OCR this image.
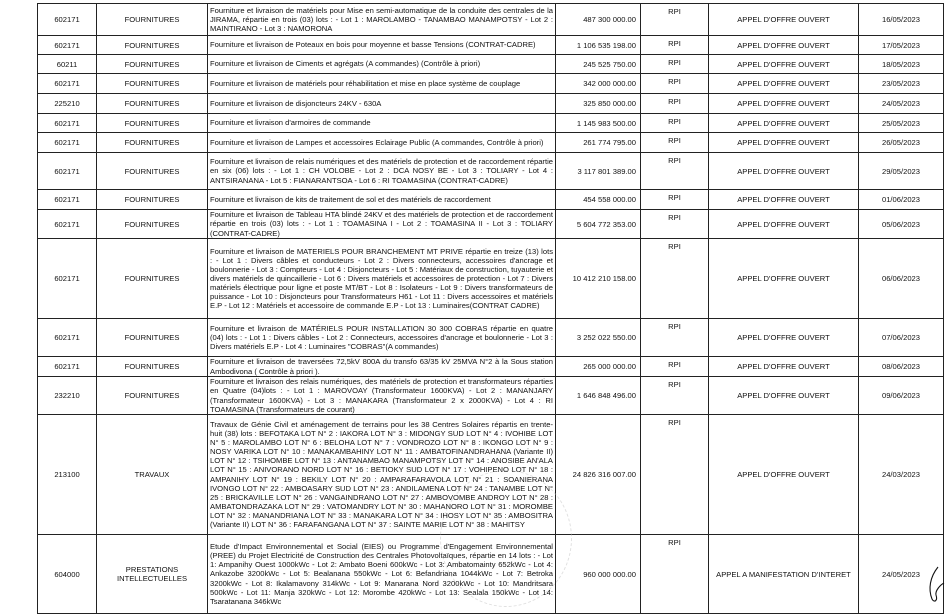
602171	FOURNITURES	Fourniture et livraison de matériels pour Mise en semi-automatique de la conduite des centrales de la JIRAMA, répartie en trois (03) lots : - Lot 1 : MAROLAMBO - TANAMBAO MANAMPOTSY - Lot 2 : MAINTIRANO - Lot 3 : NAMORONA	487 300 000.00	RPI	APPEL D'OFFRE OUVERT	16/05/2023
602171	FOURNITURES	Fourniture et livraison de Poteaux en bois pour moyenne et basse Tensions (CONTRAT-CADRE)	1 106 535 198.00	RPI	APPEL D'OFFRE OUVERT	17/05/2023
60211	FOURNITURES	Fourniture et livraison de Ciments et agrégats (A commandes) (Contrôle à priori)	245 525 750.00	RPI	APPEL D'OFFRE OUVERT	18/05/2023
602171	FOURNITURES	Fourniture et livraison de matériels pour réhabilitation et mise en place système de couplage	342 000 000.00	RPI	APPEL D'OFFRE OUVERT	23/05/2023
225210	FOURNITURES	Fourniture et livraison de disjoncteurs 24KV - 630A	325 850 000.00	RPI	APPEL D'OFFRE OUVERT	24/05/2023
602171	FOURNITURES	Fourniture et livraison d'armoires de commande	1 145 983 500.00	RPI	APPEL D'OFFRE OUVERT	25/05/2023
602171	FOURNITURES	Fourniture et livraison de Lampes et accessoires Eclairage Public (A commandes, Contrôle à priori)	261 774 795.00	RPI	APPEL D'OFFRE OUVERT	26/05/2023
602171	FOURNITURES	Fourniture et livraison de relais numériques et des matériels de protection et de raccordement répartie en six (06) lots : - Lot 1 : CH VOLOBE - Lot 2 : DCA NOSY BE - Lot 3 : TOLIARY - Lot 4 : ANTSIRANANA - Lot 5 : FIANARANTSOA - Lot 6 : RI TOAMASINA (CONTRAT-CADRE)	3 117 801 389.00	RPI	APPEL D'OFFRE OUVERT	29/05/2023
602171	FOURNITURES	Fourniture et livraison de kits de traitement de sol et des matériels de raccordement	454 558 000.00	RPI	APPEL D'OFFRE OUVERT	01/06/2023
602171	FOURNITURES	Fourniture et livraison de Tableau HTA blindé 24KV et des matériels de protection et de raccordement répartie en trois (03) lots : - Lot 1 : TOAMASINA I - Lot 2 : TOAMASINA II - Lot 3 : TOLIARY (CONTRAT-CADRE)	5 604 772 353.00	RPI	APPEL D'OFFRE OUVERT	05/06/2023
602171	FOURNITURES	Fourniture et livraison de MATERIELS POUR BRANCHEMENT MT PRIVE répartie en treize (13) lots : - Lot 1 : Divers câbles et conducteurs - Lot 2 : Divers connecteurs, accessoires d'ancrage et boulonnerie - Lot 3 : Compteurs - Lot 4 : Disjoncteurs - Lot 5 : Matériaux de construction, tuyauterie et divers matériels de quincaillerie - Lot 6 : Divers matériels et accessoires de protection - Lot 7 : Divers matériels électrique pour ligne et poste MT/BT - Lot 8 : Isolateurs - Lot 9 : Divers transformateurs de puissance - Lot 10 : Disjoncteurs pour Transformateurs H61 - Lot 11 : Divers accessoires et matériels E.P - Lot 12 : Matériels et accessoire de commande E.P - Lot 13 : Luminaires(CONTRAT CADRE)	10 412 210 158.00	RPI	APPEL D'OFFRE OUVERT	06/06/2023
602171	FOURNITURES	Fourniture et livraison de MATÉRIELS POUR INSTALLATION 30 300 COBRAS répartie en quatre (04) lots : - Lot 1 : Divers câbles - Lot 2 : Connecteurs, accessoires d'ancrage et boulonnerie - Lot 3 : Divers matériels E.P - Lot 4 : Luminaires "COBRAS"(A commandes)	3 252 022 550.00	RPI	APPEL D'OFFRE OUVERT	07/06/2023
602171	FOURNITURES	Fourniture et livraison de traversées 72,5kV 800A du transfo 63/35 kV 25MVA N°2 à la Sous station Ambodivona ( Contrôle à priori ).	265 000 000.00	RPI	APPEL D'OFFRE OUVERT	08/06/2023
232210	FOURNITURES	Fourniture et livraison des relais numériques, des matériels de protection et transformateurs réparties en Quatre (04)lots : - Lot 1 : MAROVOAY (Transformateur 1600KVA) - Lot 2 : MANANJARY (Transformateur 1600KVA) - Lot 3 : MANAKARA (Transformateur 2 x 2000KVA) - Lot 4 : RI TOAMASINA (Transformateurs de courant)	1 646 848 496.00	RPI	APPEL D'OFFRE OUVERT	09/06/2023
213100	TRAVAUX	Travaux de Génie Civil et aménagement de terrains pour les 38 Centres Solaires répartis en trente-huit (38) lots : BEFOTAKA LOT N° 2 : IAKORA LOT N° 3 : MIDONGY SUD LOT N° 4 : IVOHIBE LOT N° 5 : MAROLAMBO LOT N° 6 : BELOHA LOT N° 7 : VONDROZO LOT N° 8 : IKONGO LOT N° 9 : NOSY VARIKA LOT N° 10 : MANAKAMBAHINY LOT N° 11 : AMBATOFINANDRAHANA (Variante II) LOT N° 12 : TSIHOMBE LOT N° 13 : ANTANAMBAO MANAMPOTSY LOT N° 14 : ANOSIBE AN'ALA LOT N° 15 : ANIVORANO NORD LOT N° 16 : BETIOKY SUD LOT N° 17 : VOHIPENO LOT N° 18 : AMPANIHY LOT N° 19 : BEKILY LOT N° 20 : AMPARAFARAVOLA LOT N° 21 : SOANIERANA IVONGO LOT N° 22 : AMBOASARY SUD LOT N° 23 : ANDILAMENA LOT N° 24 : TANAMBE LOT N° 25 : BRICKAVILLE LOT N° 26 : VANGAINDRANO LOT N° 27 : AMBOVOMBE ANDROY LOT N° 28 : AMBATONDRAZAKA LOT N° 29 : VATOMANDRY LOT N° 30 : MAHANORO LOT N° 31 : MOROMBE LOT N° 32 : MANANDRIANA LOT N° 33 : MANAKARA LOT N° 34 : IHOSY LOT N° 35 : AMBOSITRA (Variante II) LOT N° 36 : FARAFANGANA LOT N° 37 : SAINTE MARIE LOT N° 38 : MAHITSY	24 826 316 007.00	RPI	APPEL D'OFFRE OUVERT	24/03/2023
604000	PRESTATIONS INTELLECTUELLES	Etude d'Impact Environnemental et Social (EIES) ou Programme d'Engagement Environnemental (PREE) du Projet Electricité de Construction des Centrales Photovoltaïques, répartie en 14 lots : - Lot 1: Ampanihy Ouest 1000kWc - Lot 2: Ambato Boeni 600kWc - Lot 3: Ambatomainty 652kWc - Lot 4: Ankazobe 3200kWc - Lot 5: Bealanana 550kWc - Lot 6: Befandriana 1044kWc - Lot 7: Betroka 3200kWc - Lot 8: Ikalamavony 314kWc - Lot 9: Manarana Nord 3200kWc - Lot 10: Mandritsara 500kWc - Lot 11: Manja 320kWc - Lot 12: Morombe 420kWc - Lot 13: Sealala 150kWc - Lot 14: Tsaratanana 346kWc	960 000 000.00	RPI	APPEL A MANIFESTATION D'INTERET	24/05/2023
